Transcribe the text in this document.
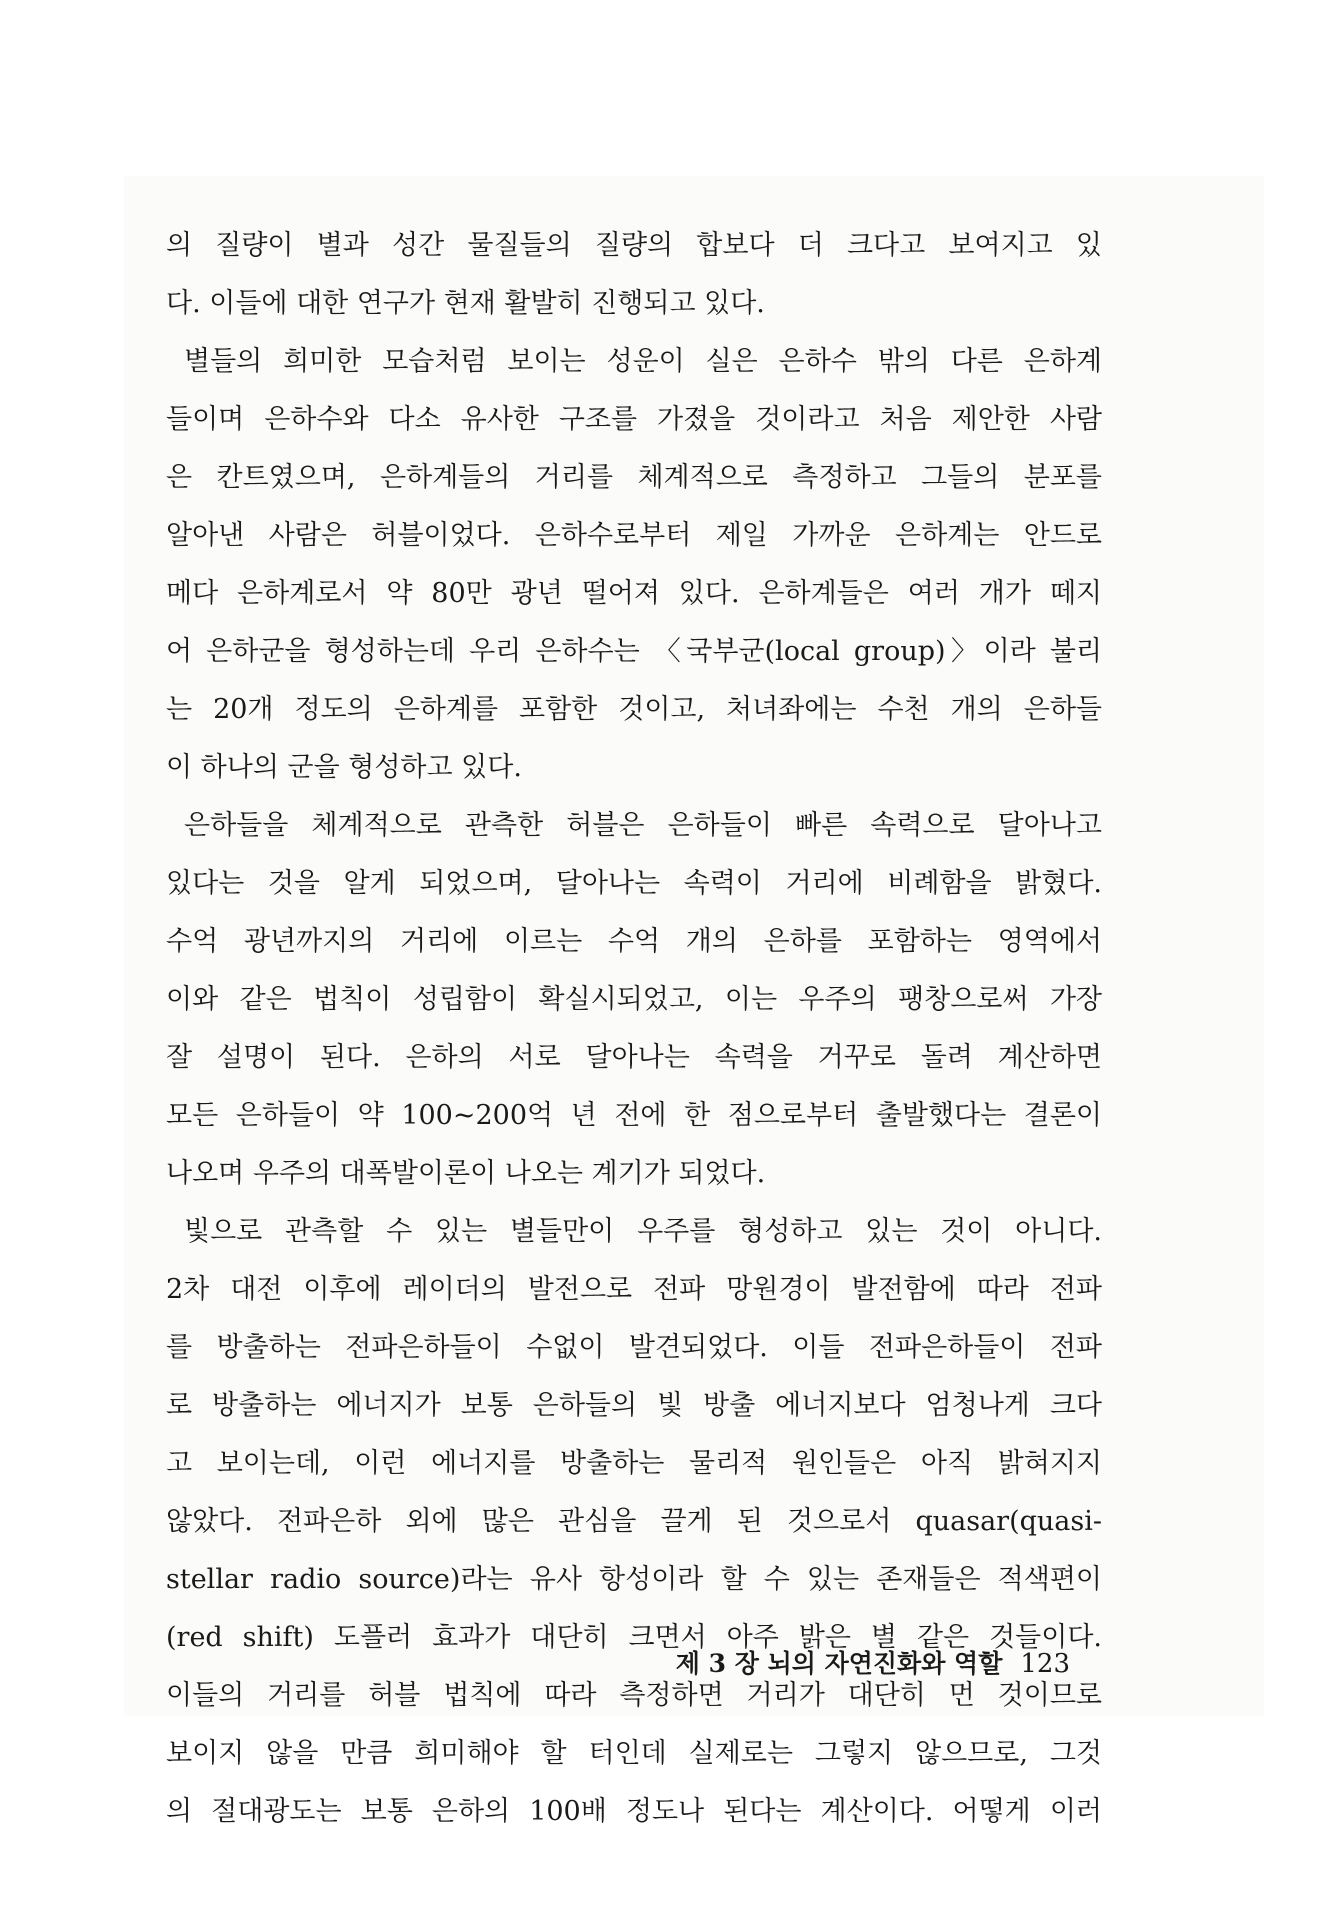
의 질량이 별과 성간 물질들의 질량의 합보다 더 크다고 보여지고 있
다. 이들에 대한 연구가 현재 활발히 진행되고 있다.
별들의 희미한 모습처럼 보이는 성운이 실은 은하수 밖의 다른 은하계
들이며 은하수와 다소 유사한 구조를 가졌을 것이라고 처음 제안한 사람
은 칸트였으며, 은하계들의 거리를 체계적으로 측정하고 그들의 분포를
알아낸 사람은 허블이었다. 은하수로부터 제일 가까운 은하계는 안드로
메다 은하계로서 약 80만 광년 떨어져 있다. 은하계들은 여러 개가 떼지
어 은하군을 형성하는데 우리 은하수는 〈국부군(local group)〉이라 불리
는 20개 정도의 은하계를 포함한 것이고, 처녀좌에는 수천 개의 은하들
이 하나의 군을 형성하고 있다.
은하들을 체계적으로 관측한 허블은 은하들이 빠른 속력으로 달아나고
있다는 것을 알게 되었으며, 달아나는 속력이 거리에 비례함을 밝혔다.
수억 광년까지의 거리에 이르는 수억 개의 은하를 포함하는 영역에서
이와 같은 법칙이 성립함이 확실시되었고, 이는 우주의 팽창으로써 가장
잘 설명이 된다. 은하의 서로 달아나는 속력을 거꾸로 돌려 계산하면
모든 은하들이 약 100~200억 년 전에 한 점으로부터 출발했다는 결론이
나오며 우주의 대폭발이론이 나오는 계기가 되었다.
빛으로 관측할 수 있는 별들만이 우주를 형성하고 있는 것이 아니다.
2차 대전 이후에 레이더의 발전으로 전파 망원경이 발전함에 따라 전파
를 방출하는 전파은하들이 수없이 발견되었다. 이들 전파은하들이 전파
로 방출하는 에너지가 보통 은하들의 빛 방출 에너지보다 엄청나게 크다
고 보이는데, 이런 에너지를 방출하는 물리적 원인들은 아직 밝혀지지
않았다. 전파은하 외에 많은 관심을 끌게 된 것으로서 quasar(quasi-
stellar radio source)라는 유사 항성이라 할 수 있는 존재들은 적색편이
(red shift) 도플러 효과가 대단히 크면서 아주 밝은 별 같은 것들이다.
이들의 거리를 허블 법칙에 따라 측정하면 거리가 대단히 먼 것이므로
보이지 않을 만큼 희미해야 할 터인데 실제로는 그렇지 않으므로, 그것
의 절대광도는 보통 은하의 100배 정도나 된다는 계산이다. 어떻게 이러
제 3 장 뇌의 자연진화와 역할 123
